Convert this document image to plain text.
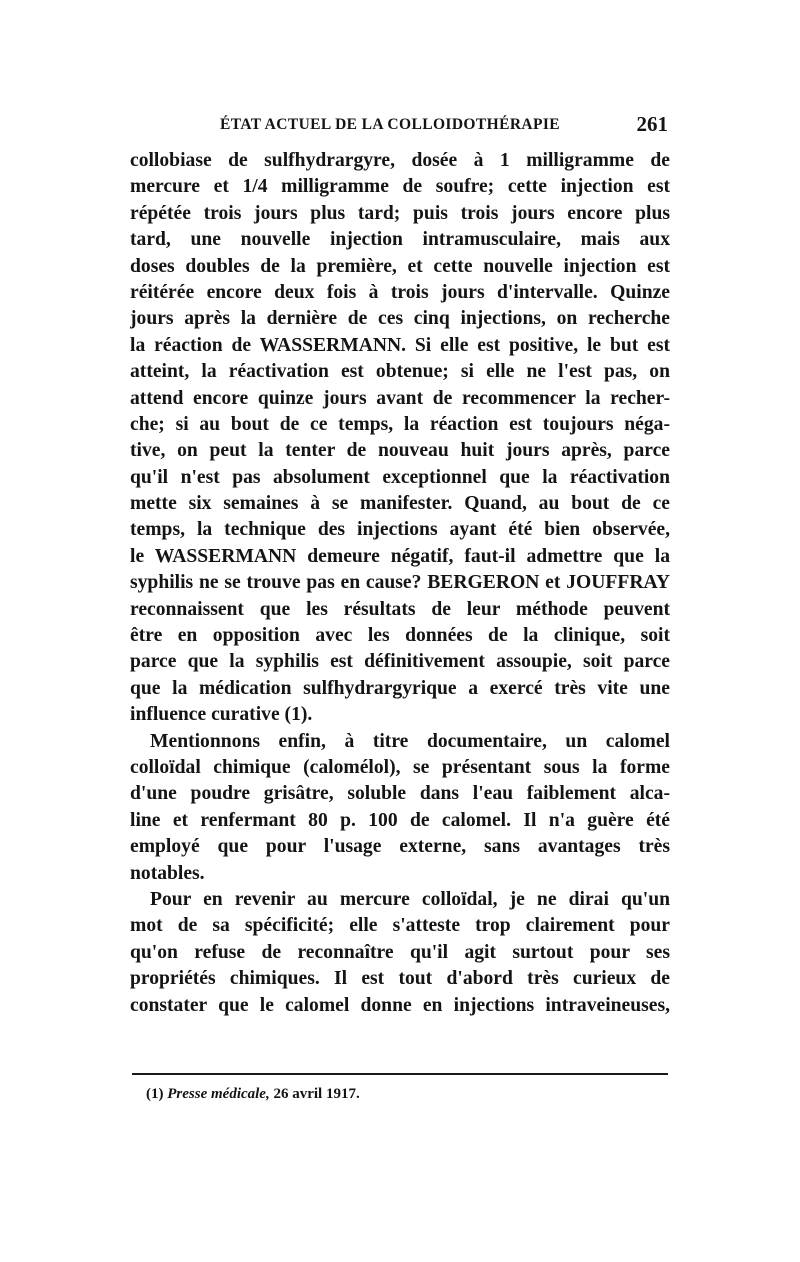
ÉTAT ACTUEL DE LA COLLOIDOTHÉRAPIE	261
collobiase de sulfhydrargyre, dosée à 1 milligramme de
mercure et 1/4 milligramme de soufre; cette injection est
répétée trois jours plus tard; puis trois jours encore plus
tard, une nouvelle injection intramusculaire, mais aux
doses doubles de la première, et cette nouvelle injection est
réitérée encore deux fois à trois jours d'intervalle. Quinze
jours après la dernière de ces cinq injections, on recherche
la réaction de WASSERMANN. Si elle est positive, le but est
atteint, la réactivation est obtenue; si elle ne l'est pas, on
attend encore quinze jours avant de recommencer la recher-
che; si au bout de ce temps, la réaction est toujours néga-
tive, on peut la tenter de nouveau huit jours après, parce
qu'il n'est pas absolument exceptionnel que la réactivation
mette six semaines à se manifester. Quand, au bout de ce
temps, la technique des injections ayant été bien observée,
le WASSERMANN demeure négatif, faut-il admettre que la
syphilis ne se trouve pas en cause? BERGERON et JOUFFRAY
reconnaissent que les résultats de leur méthode peuvent
être en opposition avec les données de la clinique, soit
parce que la syphilis est définitivement assoupie, soit parce
que la médication sulfhydrargyrique a exercé très vite une
influence curative (1).
Mentionnons enfin, à titre documentaire, un calomel
colloïdal chimique (calomélol), se présentant sous la forme
d'une poudre grisâtre, soluble dans l'eau faiblement alca-
line et renfermant 80 p. 100 de calomel. Il n'a guère été
employé que pour l'usage externe, sans avantages très
notables.
Pour en revenir au mercure colloïdal, je ne dirai qu'un
mot de sa spécificité; elle s'atteste trop clairement pour
qu'on refuse de reconnaître qu'il agit surtout pour ses
propriétés chimiques. Il est tout d'abord très curieux de
constater que le calomel donne en injections intraveineuses,
(1) Presse médicale, 26 avril 1917.
